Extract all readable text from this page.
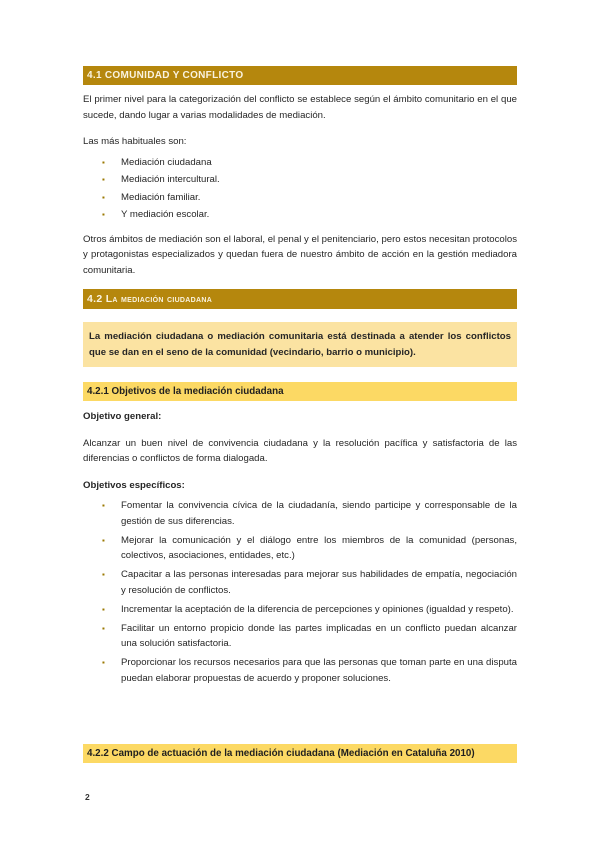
4.1 COMUNIDAD Y CONFLICTO

El primer nivel para la categorización del conflicto se establece según el ámbito comunitario en el que sucede, dando lugar a varias modalidades de mediación.

Las más habituales son:

▪ Mediación ciudadana
▪ Mediación intercultural.
▪ Mediación familiar.
▪ Y mediación escolar.

Otros ámbitos de mediación son el laboral, el penal y el penitenciario, pero estos necesitan protocolos y protagonistas especializados y quedan fuera de nuestro ámbito de acción en la gestión mediadora comunitaria.

4.2 La mediación ciudadana
La mediación ciudadana o mediación comunitaria está destinada a atender los conflictos que se dan en el seno de la comunidad (vecindario, barrio o municipio).
4.2.1 Objetivos de la mediación ciudadana

Objetivo general:

Alcanzar un buen nivel de convivencia ciudadana y la resolución pacífica y satisfactoria de las diferencias o conflictos de forma dialogada.

Objetivos específicos:

▪ Fomentar la convivencia cívica de la ciudadanía, siendo participe y corresponsable de la gestión de sus diferencias.
▪ Mejorar la comunicación y el diálogo entre los miembros de la comunidad (personas, colectivos, asociaciones, entidades, etc.)
▪ Capacitar a las personas interesadas para mejorar sus habilidades de empatía, negociación y resolución de conflictos.
▪ Incrementar la aceptación de la diferencia de percepciones y opiniones (igualdad y respeto).
▪ Facilitar un entorno propicio donde las partes implicadas en un conflicto puedan alcanzar una solución satisfactoria.
▪ Proporcionar los recursos necesarios para que las personas que toman parte en una disputa puedan elaborar propuestas de acuerdo y proponer soluciones.
4.2.2 Campo de actuación de la mediación ciudadana (Mediación en Cataluña 2010)
2
